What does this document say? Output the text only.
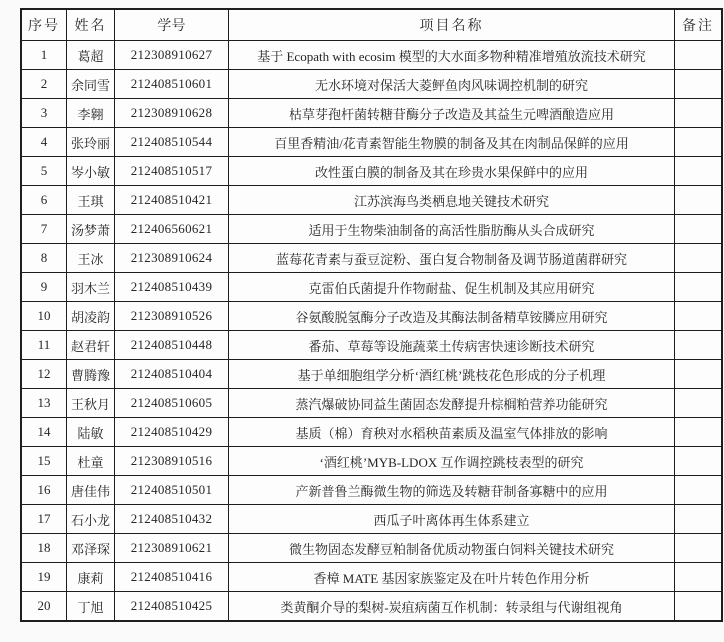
序号	姓名	学号	项目名称	备注
1	葛超	212308910627	基于 Ecopath with ecosim 模型的大水面多物种精准增殖放流技术研究	
2	余同雪	212408510601	无水环境对保活大菱鲆鱼肉风味调控机制的研究	
3	李翱	212308910628	枯草芽孢杆菌转糖苷酶分子改造及其益生元啤酒酿造应用	
4	张玲丽	212408510544	百里香精油/花青素智能生物膜的制备及其在肉制品保鲜的应用	
5	岑小敏	212408510517	改性蛋白膜的制备及其在珍贵水果保鲜中的应用	
6	王琪	212408510421	江苏滨海鸟类栖息地关键技术研究	
7	汤梦萧	212406560621	适用于生物柴油制备的高活性脂肪酶从头合成研究	
8	王冰	212308910624	蓝莓花青素与蚕豆淀粉、蛋白复合物制备及调节肠道菌群研究	
9	羽木兰	212408510439	克雷伯氏菌提升作物耐盐、促生机制及其应用研究	
10	胡凌韵	212308910526	谷氨酸脱氢酶分子改造及其酶法制备精草铵膦应用研究	
11	赵君轩	212408510448	番茄、草莓等设施蔬菜土传病害快速诊断技术研究	
12	曹腾豫	212408510404	基于单细胞组学分析‘酒红桃’跳枝花色形成的分子机理	
13	王秋月	212408510605	蒸汽爆破协同益生菌固态发酵提升棕榈粕营养功能研究	
14	陆敏	212408510429	基质（棉）育秧对水稻秧苗素质及温室气体排放的影响	
15	杜童	212308910516	‘酒红桃’MYB-LDOX 互作调控跳枝表型的研究	
16	唐佳伟	212408510501	产新普鲁兰酶微生物的筛选及转糖苷制备寡糖中的应用	
17	石小龙	212408510432	西瓜子叶离体再生体系建立	
18	邓泽琛	212308910621	微生物固态发酵豆粕制备优质动物蛋白饲料关键技术研究	
19	康莉	212408510416	香樟 MATE 基因家族鉴定及在叶片转色作用分析	
20	丁旭	212408510425	类黄酮介导的梨树-炭疽病菌互作机制：转录组与代谢组视角	
